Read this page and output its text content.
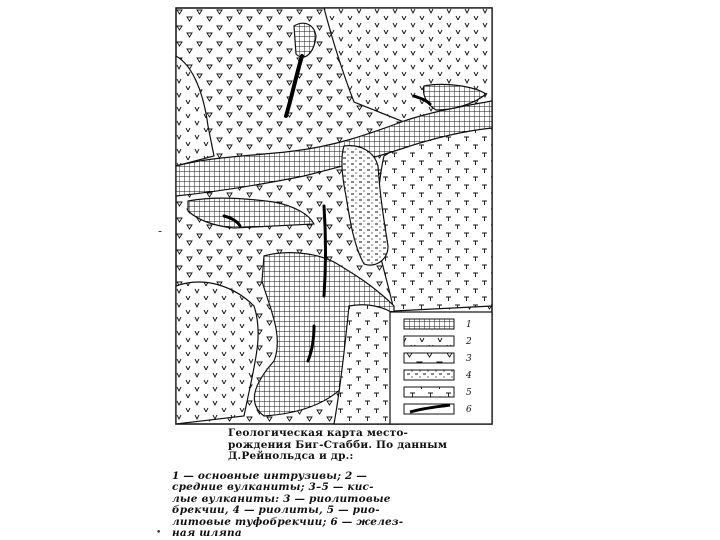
1
2
3
4
5
6
Геологическая карта место-
рождения Биг-Стабби. По данным
Д.Рейнольдса и др.:
1 — основные интрузивы; 2 —
средние вулканиты; 3–5 — кис-
лые вулканиты: 3 — риолитовые
брекчии, 4 — риолиты, 5 — рио-
литовые туфобрекчии; 6 — желез-
ная шляпа
-
•
